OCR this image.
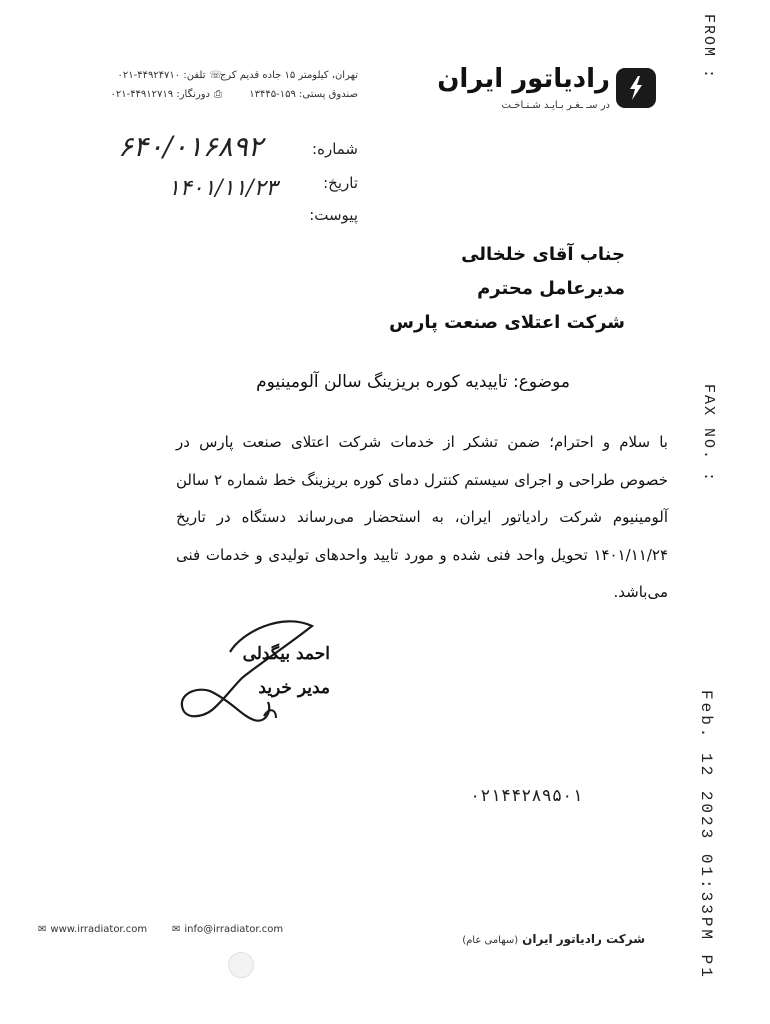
FROM :
FAX NO. :
Feb. 12 2023 01:33PM P1
رادیاتور ایران
در سـ ـغـر بـایـد شـنـاخـت
تهران، کیلومتر ۱۵ جاده قدیم کرج
صندوق پستی: ۱۵۹-۱۳۴۴۵
☏
تلفن: ۴۴۹۲۴۷۱۰-۰۲۱
⎙
دورنگار: ۴۴۹۱۲۷۱۹-۰۲۱
شماره:
۶۴۰/۰۱۶۸۹۲
تاریخ:
۱۴۰۱/۱۱/۲۳
پیوست:
جناب آقای خلخالی
مدیرعامل محترم
شرکت اعتلای صنعت پارس
موضوع: تاییدیه کوره بریزینگ سالن آلومینیوم
با سلام و احترام؛ ضمن تشکر از خدمات شرکت اعتلای صنعت پارس در خصوص طراحی و اجرای سیستم کنترل دمای کوره بریزینگ خط شماره ۲ سالن آلومینیوم شرکت رادیاتور ایران، به استحضار می‌رساند دستگاه در تاریخ ۱۴۰۱/۱۱/۲۴ تحویل واحد فنی شده و مورد تایید واحدهای تولیدی و خدمات فنی می‌باشد.
احمد بیگدلی
مدیر خرید
۰۲۱۴۴۲۸۹۵۰۱
✉ www.irradiator.com ✉ info@irradiator.com
شرکت رادیاتور ایران
(سهامی عام)
